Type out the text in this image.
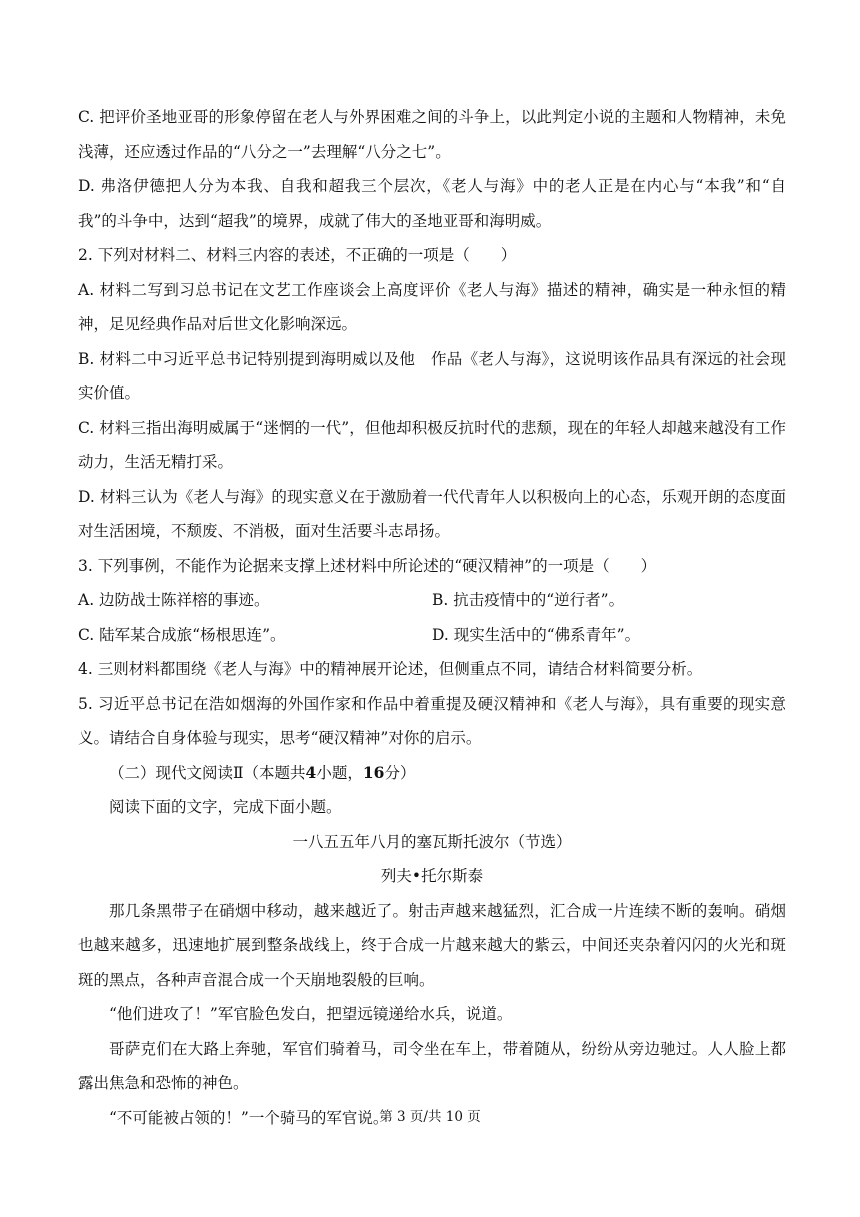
C. 把评价圣地亚哥的形象停留在老人与外界困难之间的斗争上，以此判定小说的主题和人物精神，未免浅薄，还应透过作品的“八分之一”去理解“八分之七”。

D. 弗洛伊德把人分为本我、自我和超我三个层次，《老人与海》中的老人正是在内心与“本我”和“自我”的斗争中，达到“超我”的境界，成就了伟大的圣地亚哥和海明威。

2. 下列对材料二、材料三内容的表述，不正确的一项是（　　）

A. 材料二写到习总书记在文艺工作座谈会上高度评价《老人与海》描述的精神，确实是一种永恒的精神，足见经典作品对后世文化影响深远。

B. 材料二中习近平总书记特别提到海明威以及他　作品《老人与海》，这说明该作品具有深远的社会现实价值。

C. 材料三指出海明威属于“迷惘的一代”，但他却积极反抗时代的悲颓，现在的年轻人却越来越没有工作动力，生活无精打采。

D. 材料三认为《老人与海》的现实意义在于激励着一代代青年人以积极向上的心态，乐观开朗的态度面对生活困境，不颓废、不消极，面对生活要斗志昂扬。

3. 下列事例，不能作为论据来支撑上述材料中所论述的“硬汉精神”的一项是（　　）

A. 边防战士陈祥榕的事迹。	B. 抗击疫情中的“逆行者”。
C. 陆军某合成旅“杨根思连”。	D. 现实生活中的“佛系青年”。

4. 三则材料都围绕《老人与海》中的精神展开论述，但侧重点不同，请结合材料简要分析。

5. 习近平总书记在浩如烟海的外国作家和作品中着重提及硬汉精神和《老人与海》，具有重要的现实意义。请结合自身体验与现实，思考“硬汉精神”对你的启示。

（二）现代文阅读Ⅱ（本题共4小题，16分）

阅读下面的文字，完成下面小题。

一八五五年八月的塞瓦斯托波尔（节选）

列夫•托尔斯泰

那几条黑带子在硝烟中移动，越来越近了。射击声越来越猛烈，汇合成一片连续不断的轰响。硝烟也越来越多，迅速地扩展到整条战线上，终于合成一片越来越大的紫云，中间还夹杂着闪闪的火光和斑斑的黑点，各种声音混合成一个天崩地裂般的巨响。

“他们进攻了！”军官脸色发白，把望远镜递给水兵，说道。

哥萨克们在大路上奔驰，军官们骑着马，司令坐在车上，带着随从，纷纷从旁边驰过。人人脸上都露出焦急和恐怖的神色。

“不可能被占领的！”一个骑马的军官说。

第 3 页/共 10 页
